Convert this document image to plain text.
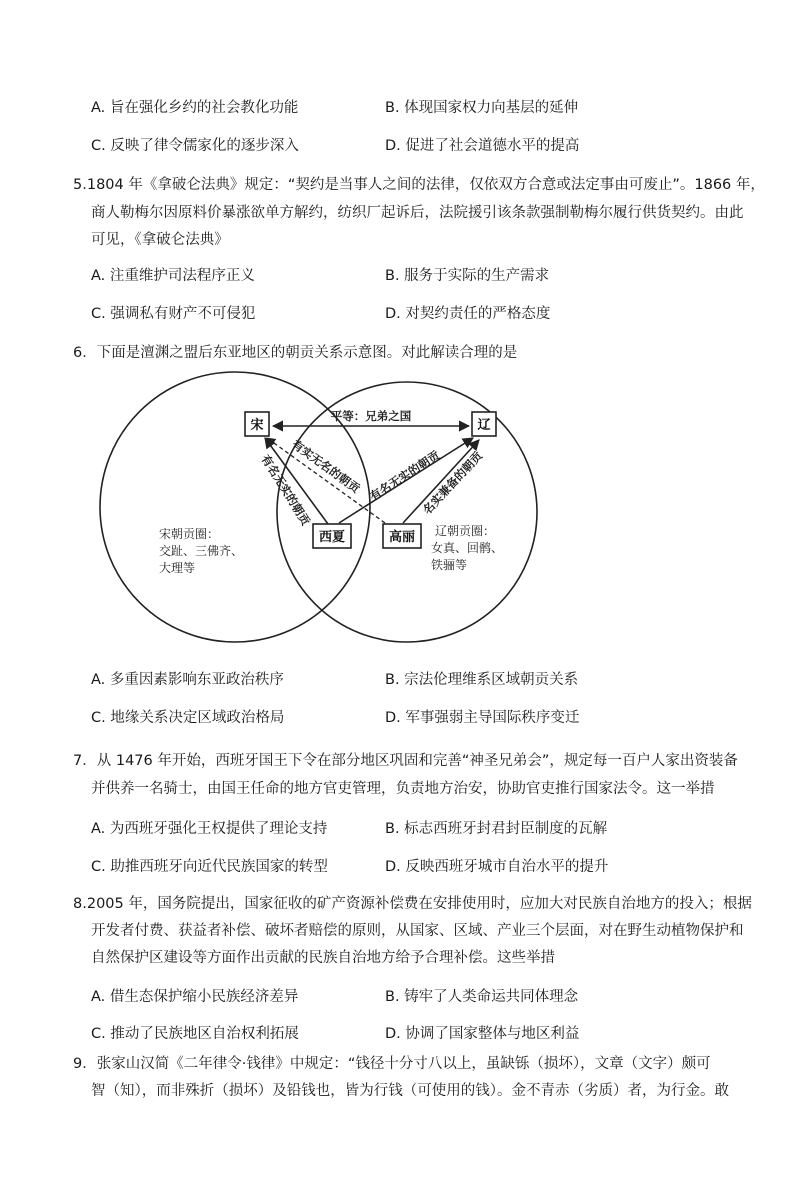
A. 旨在强化乡约的社会教化功能	B. 体现国家权力向基层的延伸
C. 反映了律令儒家化的逐步深入	D. 促进了社会道德水平的提高
5.1804 年《拿破仑法典》规定：“契约是当事人之间的法律，仅依双方合意或法定事由可废止”。1866 年，
商人勒梅尔因原料价暴涨欲单方解约，纺织厂起诉后，法院援引该条款强制勒梅尔履行供货契约。由此
可见，《拿破仑法典》
A. 注重维护司法程序正义	B. 服务于实际的生产需求
C. 强调私有财产不可侵犯	D. 对契约责任的严格态度
6．下面是澶渊之盟后东亚地区的朝贡关系示意图。对此解读合理的是
宋	辽
西夏	高丽
平等：兄弟之国
有名无实的朝贡
有实无名的朝贡 有名无实的朝贡
名实兼备的朝贡
宋朝贡圈：
交趾、三佛齐、
大理等
辽朝贡圈：
女真、回鹘、
铁骊等
A. 多重因素影响东亚政治秩序	B. 宗法伦理维系区域朝贡关系
C. 地缘关系决定区域政治格局	D. 军事强弱主导国际秩序变迁
7．从 1476 年开始，西班牙国王下令在部分地区巩固和完善“神圣兄弟会”，规定每一百户人家出资装备
并供养一名骑士，由国王任命的地方官吏管理，负责地方治安，协助官吏推行国家法令。这一举措
A. 为西班牙强化王权提供了理论支持	B. 标志西班牙封君封臣制度的瓦解
C. 助推西班牙向近代民族国家的转型	D. 反映西班牙城市自治水平的提升
8.2005 年，国务院提出，国家征收的矿产资源补偿费在安排使用时，应加大对民族自治地方的投入；根据
开发者付费、获益者补偿、破坏者赔偿的原则，从国家、区域、产业三个层面，对在野生动植物保护和
自然保护区建设等方面作出贡献的民族自治地方给予合理补偿。这些举措
A. 借生态保护缩小民族经济差异	B. 铸牢了人类命运共同体理念
C. 推动了民族地区自治权利拓展	D. 协调了国家整体与地区利益
9．张家山汉简《二年律令·钱律》中规定：“钱径十分寸八以上，虽缺铄（损坏），文章（文字）颇可
智（知），而非殊折（损坏）及铅钱也，皆为行钱（可使用的钱）。金不青赤（劣质）者，为行金。敢
